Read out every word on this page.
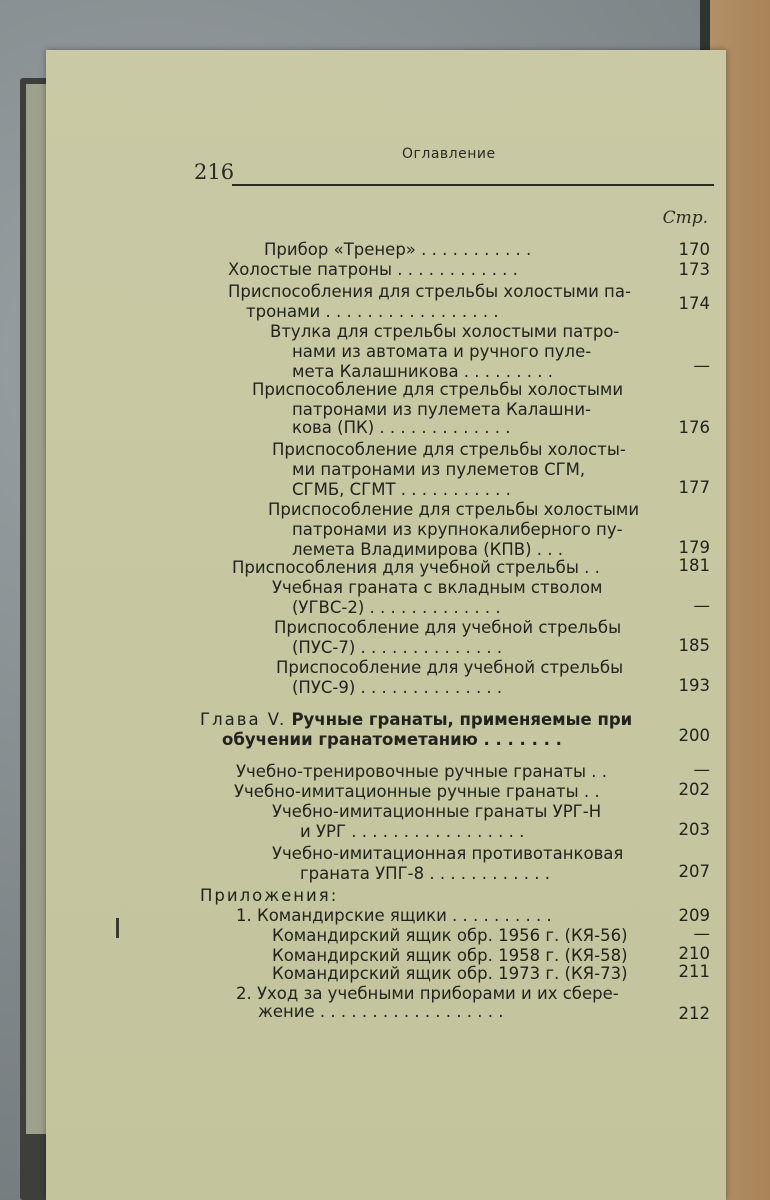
216
Оглавление
Стр.
Прибор «Тренер» . . . . . . . . . . .	170
Холостые патроны . . . . . . . . . . . .	173
Приспособления для стрельбы холостыми па-
тронами . . . . . . . . . . . . . . . . .	174
Втулка для стрельбы холостыми патро-
нами из автомата и ручного пуле-
мета Калашникова . . . . . . . . .	—
Приспособление для стрельбы холостыми
патронами из пулемета Калашни-
кова (ПК) . . . . . . . . . . . . .	176
Приспособление для стрельбы холосты-
ми патронами из пулеметов СГМ,
СГМБ, СГМТ . . . . . . . . . . .	177
Приспособление для стрельбы холостыми
патронами из крупнокалиберного пу-
лемета Владимирова (КПВ) . . .	179
Приспособления для учебной стрельбы . .	181
Учебная граната с вкладным стволом
(УГВС-2) . . . . . . . . . . . . .	—
Приспособление для учебной стрельбы
(ПУС-7) . . . . . . . . . . . . . .	185
Приспособление для учебной стрельбы
(ПУС-9) . . . . . . . . . . . . . .	193
Глава V. Ручные гранаты, применяемые при
обучении гранатометанию . . . . . . .	200
Учебно-тренировочные ручные гранаты . .	—
Учебно-имитационные ручные гранаты . .	202
Учебно-имитационные гранаты УРГ-Н
и УРГ . . . . . . . . . . . . . . . . .	203
Учебно-имитационная противотанковая
граната УПГ-8 . . . . . . . . . . . .	207
Приложения:
1. Командирские ящики . . . . . . . . . .	209
Командирский ящик обр. 1956 г. (КЯ-56)	—
Командирский ящик обр. 1958 г. (КЯ-58)	210
Командирский ящик обр. 1973 г. (КЯ-73)	211
2. Уход за учебными приборами и их сбере-
жение . . . . . . . . . . . . . . . . . .	212
